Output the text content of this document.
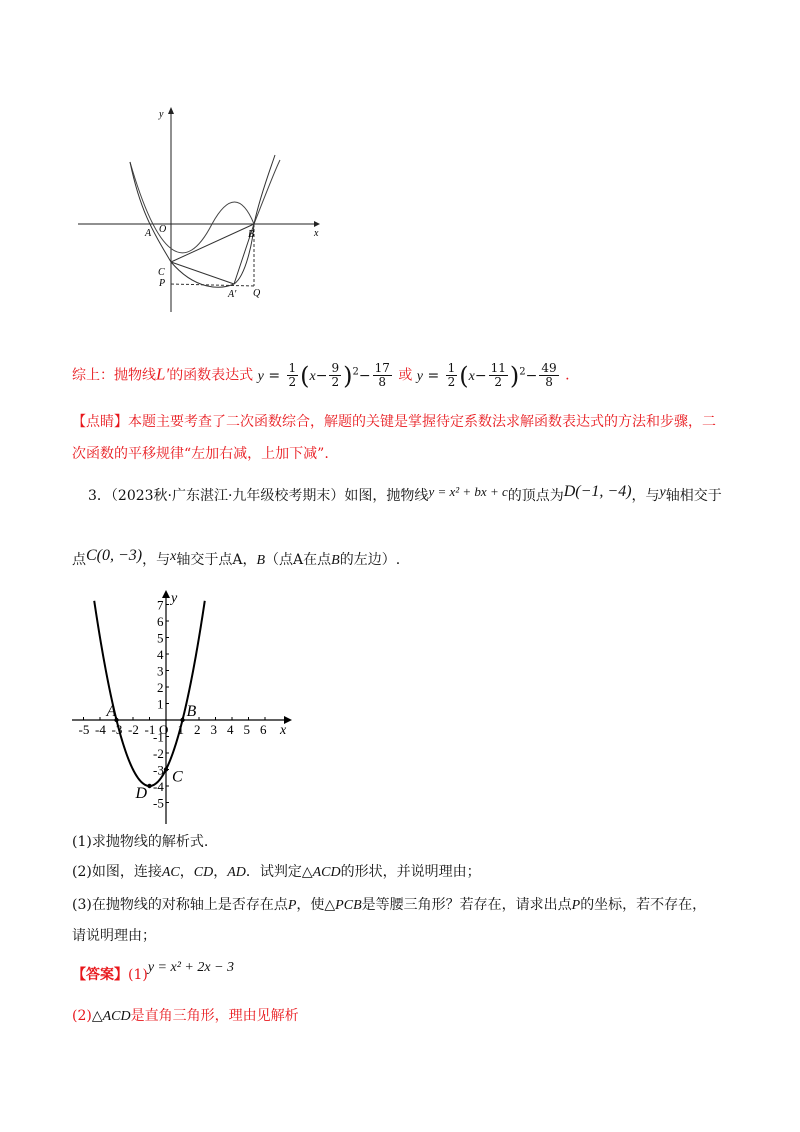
y
x
A O	B
C
P
A′ Q
综上：抛物线L′的函数表达式 $y = \frac{1}{2} (x- \frac{9}{2} )^2- \frac{17}{8}$ 或 $y = \frac{1}{2} (x- \frac{11}{2} )^2- \frac{49}{8}$ .
【点睛】本题主要考查了二次函数综合，解题的关键是掌握待定系数法求解函数表达式的方法和步骤，二
次函数的平移规律“左加右减，上加下减”.
3．（2023秋·广东湛江·九年级校考期末）如图，抛物线y = x² + bx + c的顶点为D(−1, −4)，与y轴相交于
点C(0, −3)，与x轴交于点A，B（点A在点B的左边）.
-5 -4 -3 -2 -1 O 1 2 3 4 5 6
7
6
5
4
3
2
1
-1
-2
-3
-4
-5
y
x
A	B
C
D
(1)求抛物线的解析式.
(2)如图，连接AC，CD，AD．试判定△ACD的形状，并说明理由；
(3)在抛物线的对称轴上是否存在点P，使△PCB是等腰三角形？若存在，请求出点P的坐标，若不存在，
请说明理由；
【答案】(1)y = x² + 2x − 3
(2)△ACD是直角三角形，理由见解析
